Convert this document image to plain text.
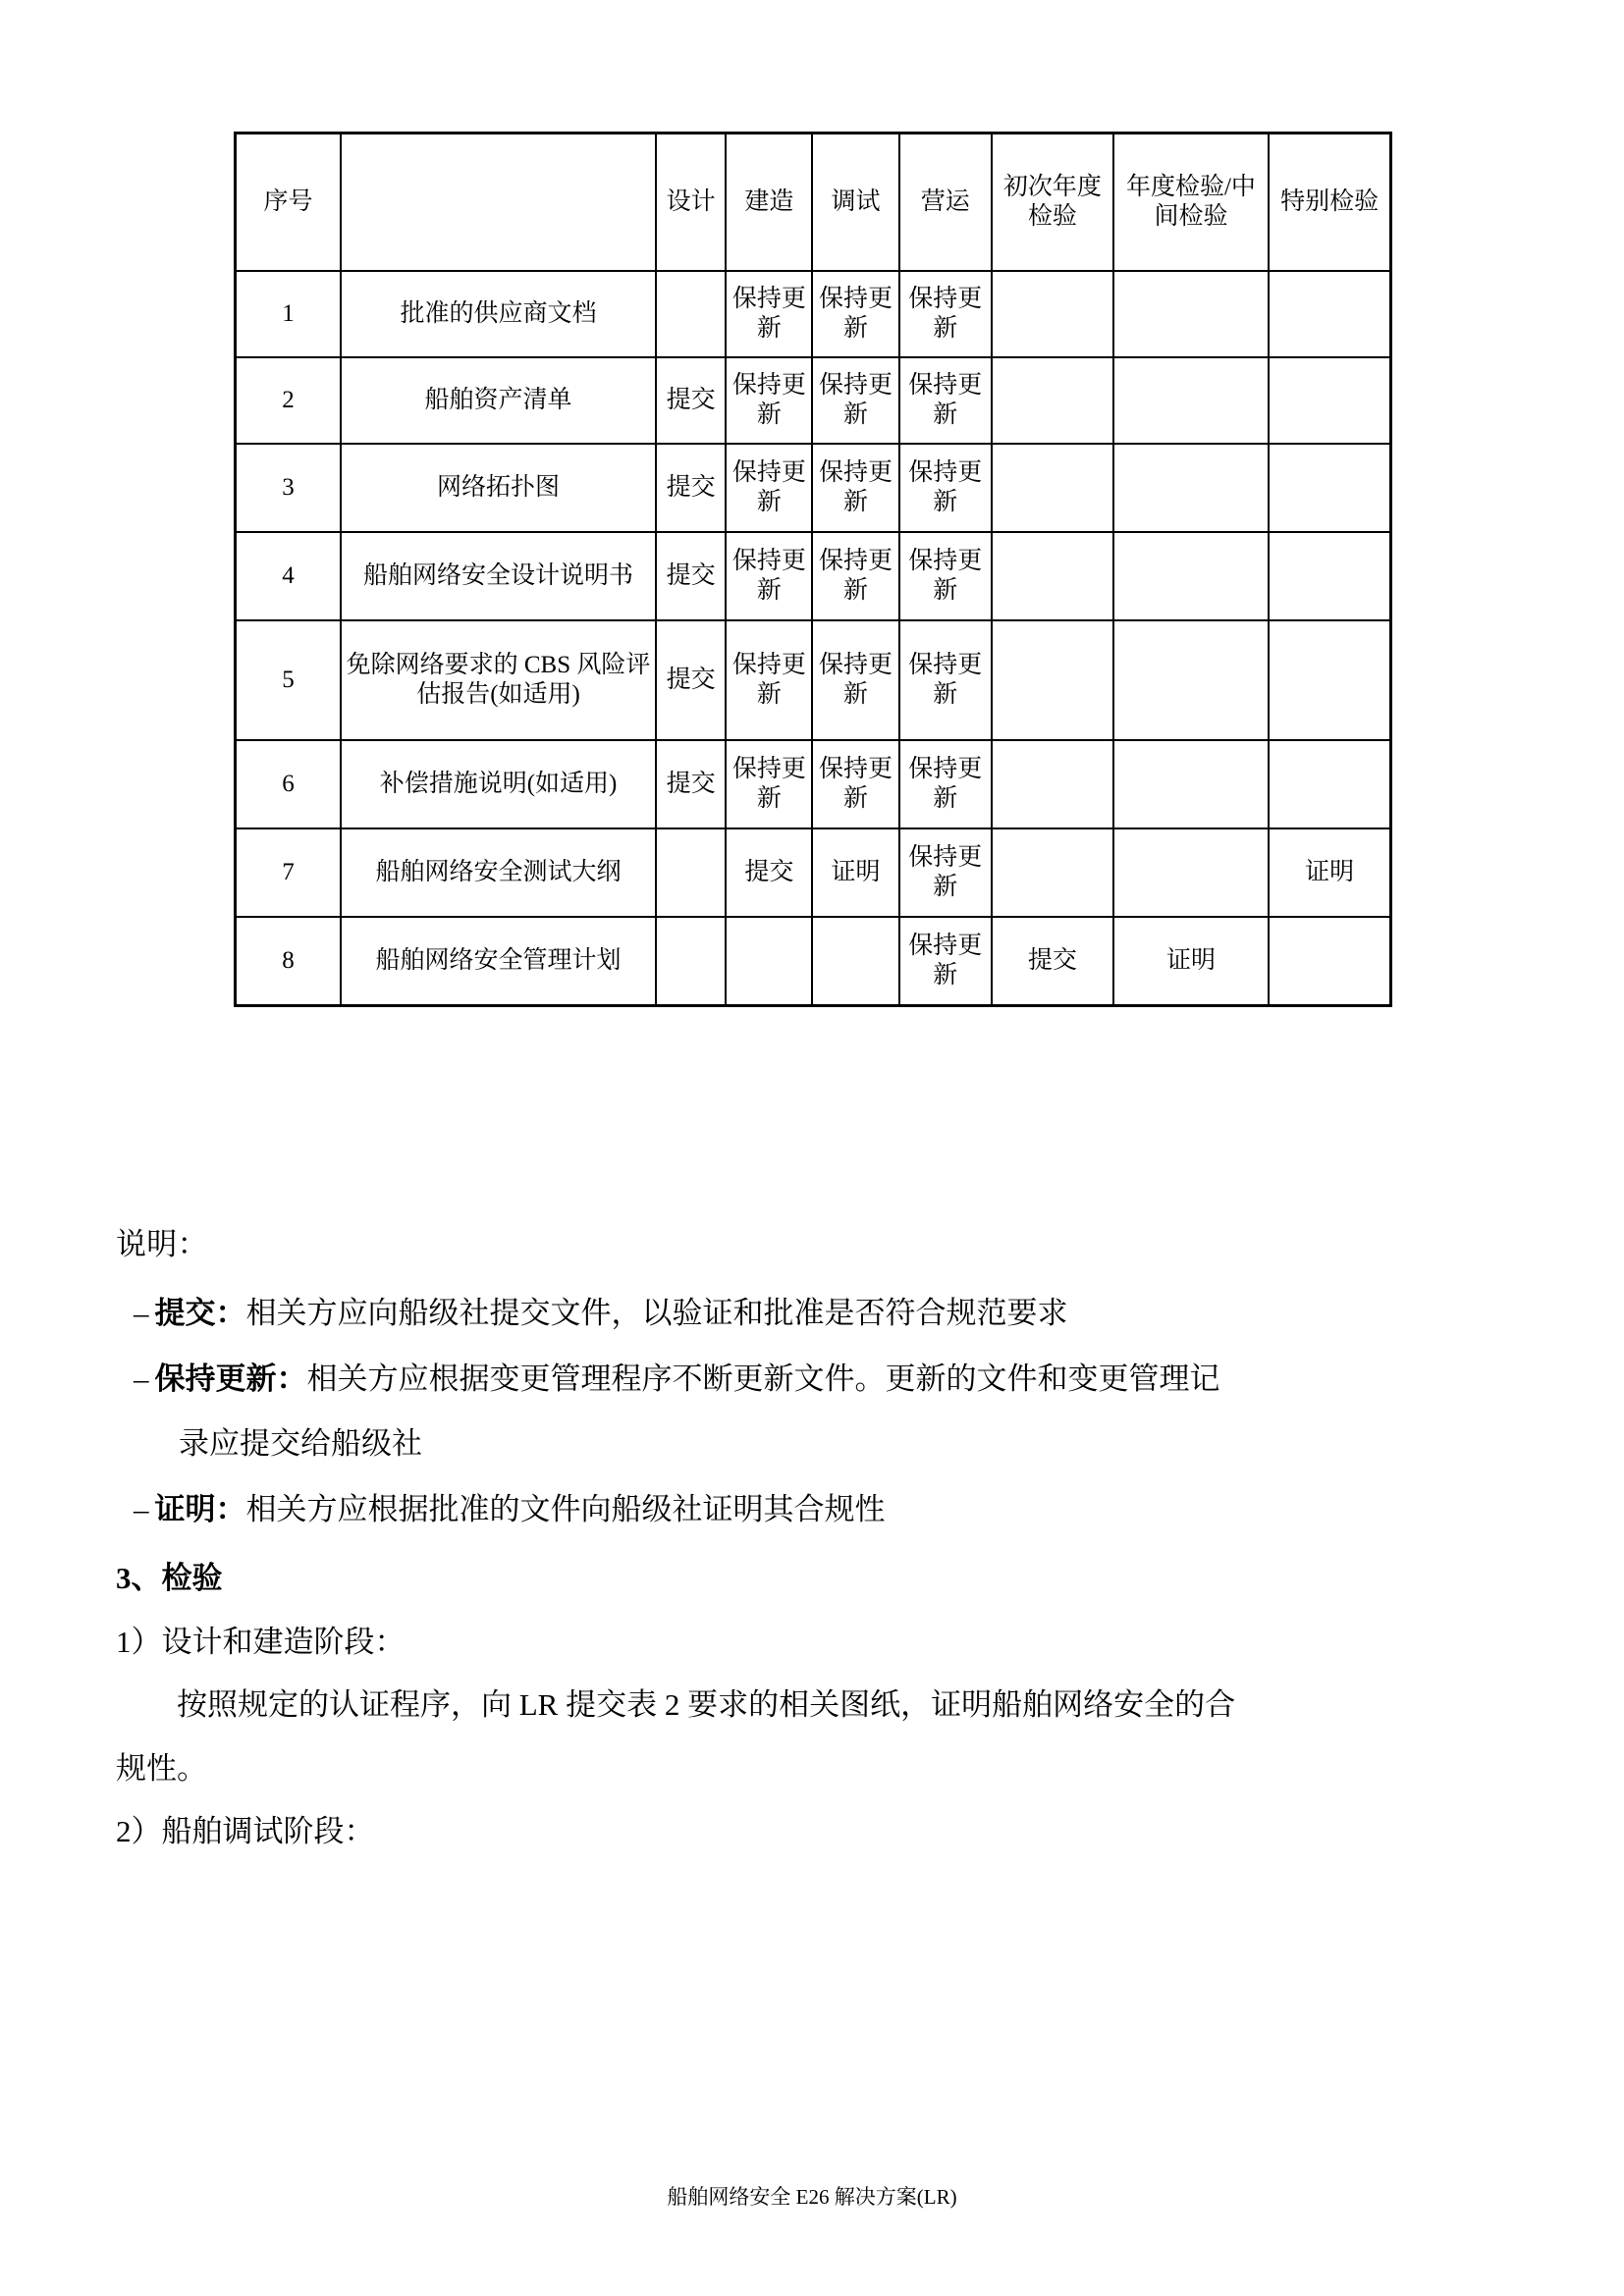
序号		设计	建造	调试	营运	初次年度检验	年度检验/中间检验	特别检验
1	批准的供应商文档		保持更新	保持更新	保持更新			
2	船舶资产清单	提交	保持更新	保持更新	保持更新			
3	网络拓扑图	提交	保持更新	保持更新	保持更新			
4	船舶网络安全设计说明书	提交	保持更新	保持更新	保持更新			
5	免除网络要求的 CBS 风险评估报告(如适用)	提交	保持更新	保持更新	保持更新			
6	补偿措施说明(如适用)	提交	保持更新	保持更新	保持更新			
7	船舶网络安全测试大纲		提交	证明	保持更新			证明
8	船舶网络安全管理计划				保持更新	提交	证明	

说明：

– 提交：相关方应向船级社提交文件，以验证和批准是否符合规范要求

– 保持更新：相关方应根据变更管理程序不断更新文件。更新的文件和变更管理记

录应提交给船级社

– 证明：相关方应根据批准的文件向船级社证明其合规性

3、检验

1）设计和建造阶段：

按照规定的认证程序，向 LR 提交表 2 要求的相关图纸，证明船舶网络安全的合

规性。

2）船舶调试阶段：

船舶网络安全 E26 解决方案(LR)
